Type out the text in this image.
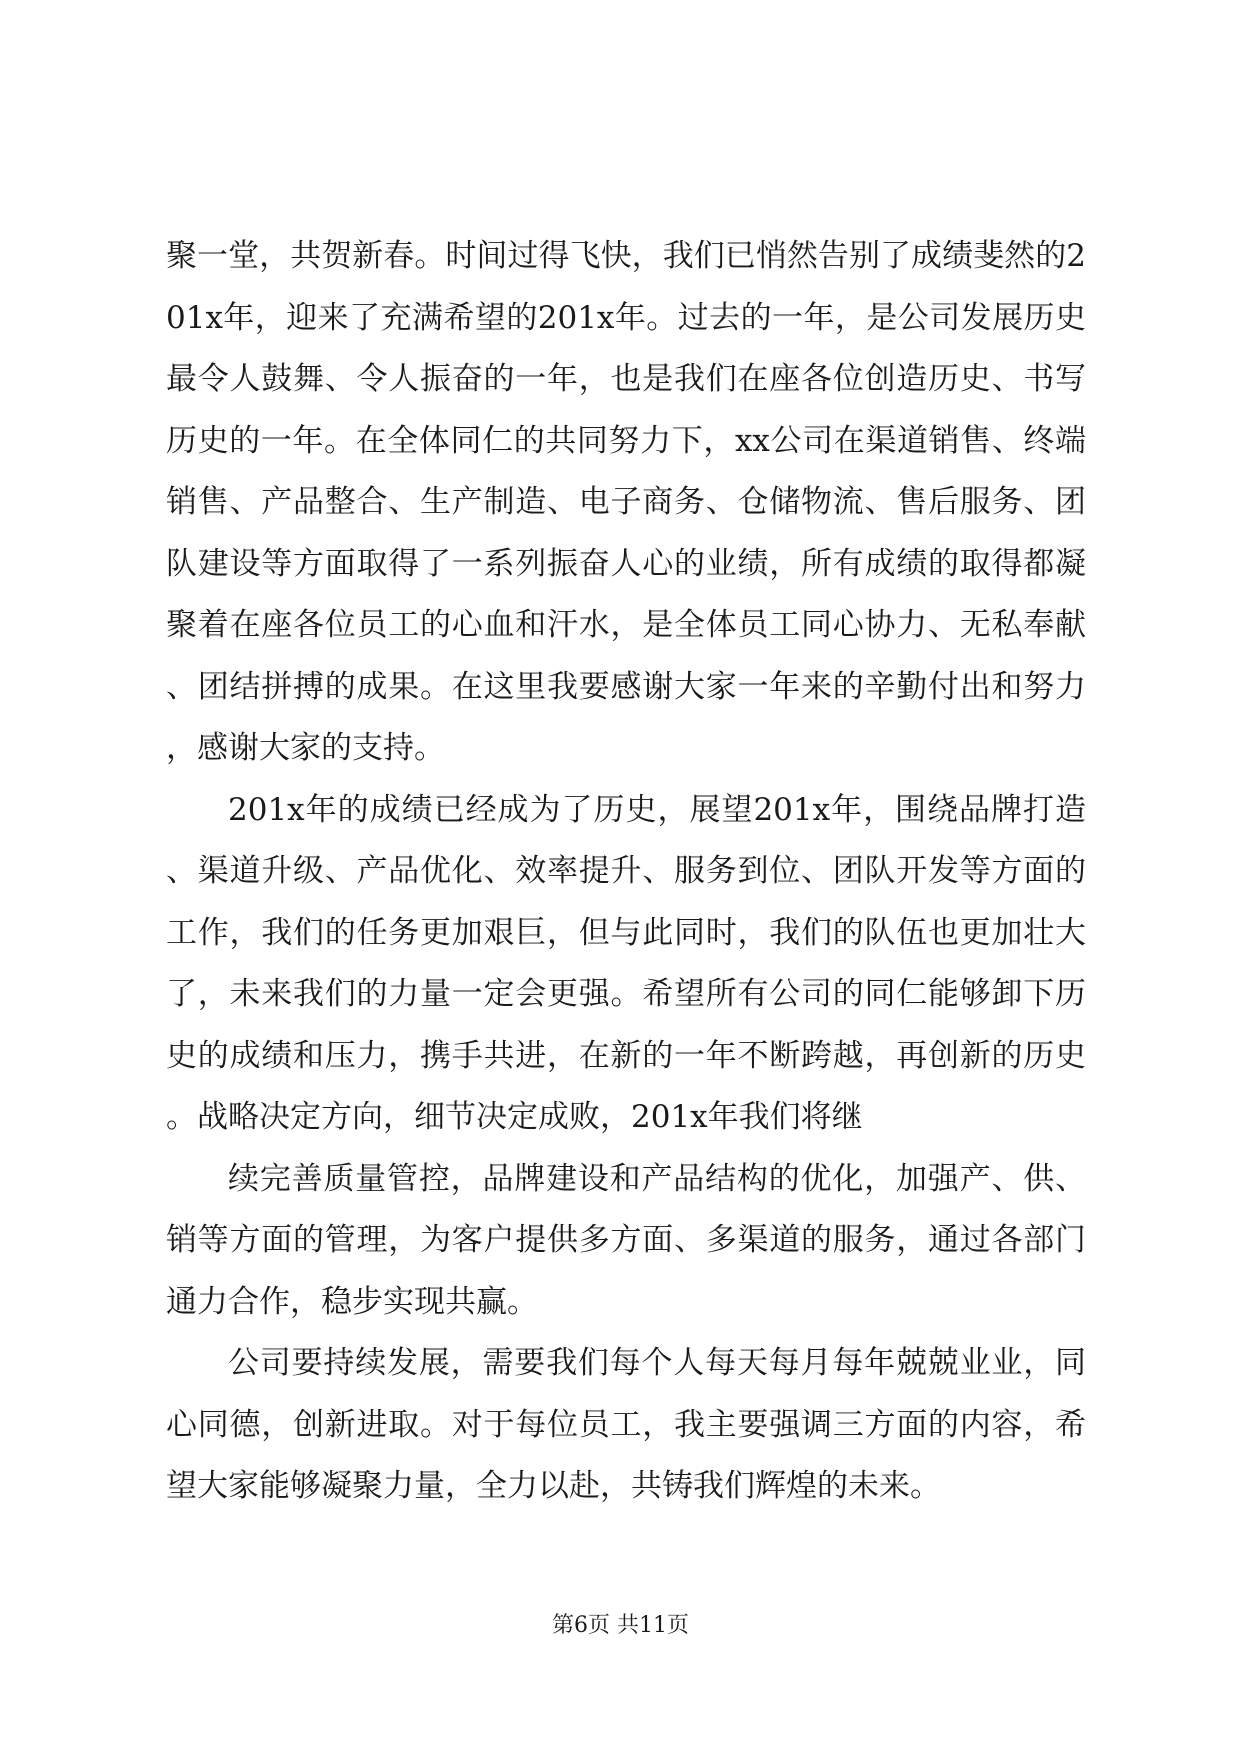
聚一堂，共贺新春。时间过得飞快，我们已悄然告别了成绩斐然的201x年，迎来了充满希望的201x年。过去的一年，是公司发展历史最令人鼓舞、令人振奋的一年，也是我们在座各位创造历史、书写历史的一年。在全体同仁的共同努力下，xx公司在渠道销售、终端销售、产品整合、生产制造、电子商务、仓储物流、售后服务、团队建设等方面取得了一系列振奋人心的业绩，所有成绩的取得都凝聚着在座各位员工的心血和汗水，是全体员工同心协力、无私奉献、团结拼搏的成果。在这里我要感谢大家一年来的辛勤付出和努力，感谢大家的支持。

201x年的成绩已经成为了历史，展望201x年，围绕品牌打造、渠道升级、产品优化、效率提升、服务到位、团队开发等方面的工作，我们的任务更加艰巨，但与此同时，我们的队伍也更加壮大了，未来我们的力量一定会更强。希望所有公司的同仁能够卸下历史的成绩和压力，携手共进，在新的一年不断跨越，再创新的历史。战略决定方向，细节决定成败，201x年我们将继

续完善质量管控，品牌建设和产品结构的优化，加强产、供、销等方面的管理，为客户提供多方面、多渠道的服务，通过各部门通力合作，稳步实现共赢。

公司要持续发展，需要我们每个人每天每月每年兢兢业业，同心同德，创新进取。对于每位员工，我主要强调三方面的内容，希望大家能够凝聚力量，全力以赴，共铸我们辉煌的未来。

第6页 共11页
